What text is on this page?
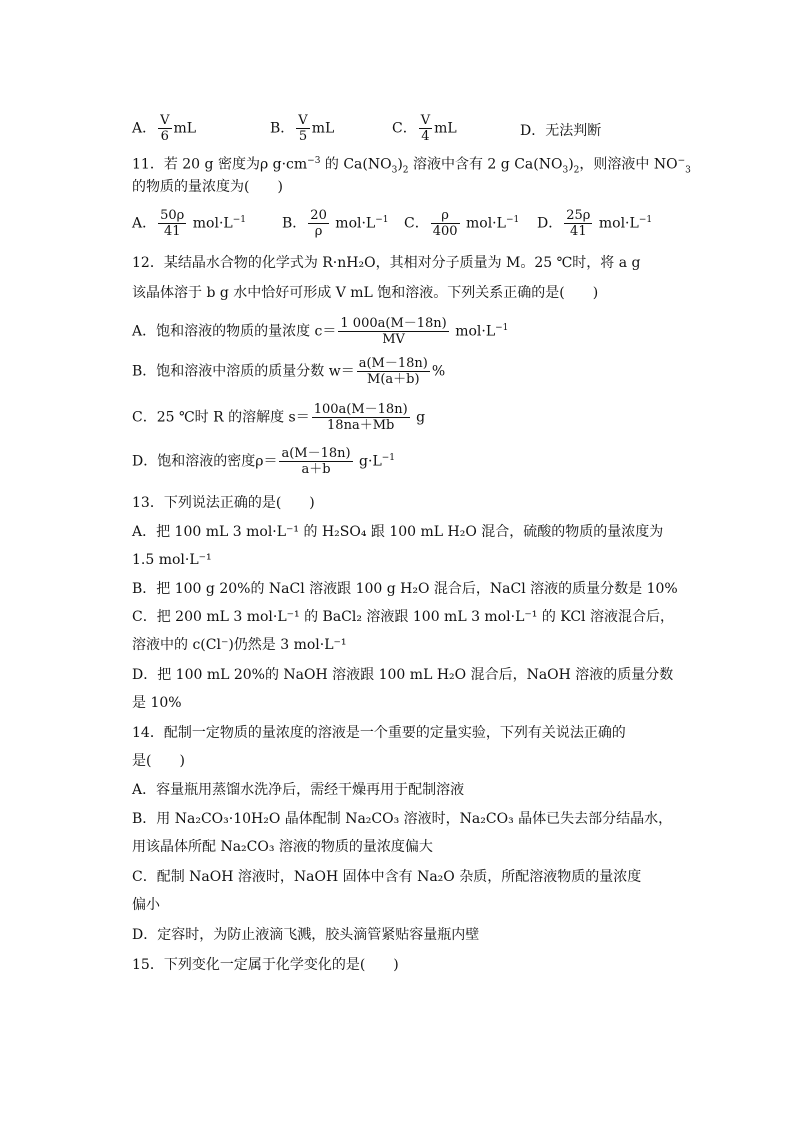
A． $\frac{V}{6}$ mL	B． $\frac{V}{5}$ mL	C． $\frac{V}{4}$ mL	D．无法判断
11．若 20 g 密度为ρ $g\cdot cm^{-3}$ 的 $Ca(NO_3)_2$ 溶液中含有 2 g $Ca(NO_3)_2$，则溶液中 $NO^-_3$
的物质的量浓度为(　　)
A． $\frac{50\rho}{41} mol\cdot L^{-1}$	B． $\frac{20}{\rho} mol\cdot L^{-1}$ C． $\frac{\rho}{400} mol\cdot L^{-1}$ D． $\frac{25\rho}{41} mol\cdot L^{-1}$
12．某结晶水合物的化学式为 R·nH₂O，其相对分子质量为 M。25 ℃时，将 a g
该晶体溶于 b g 水中恰好可形成 V mL 饱和溶液。下列关系正确的是(　　)
A．饱和溶液的物质的量浓度 $c= \frac{1 000a(M-18n)}{MV} mol\cdot L^{-1}$
B．饱和溶液中溶质的质量分数 $w= \frac{a(M-18n)}{M(a+b)}$ %
C．25 ℃时 R 的溶解度 $s= \frac{100a(M-18n)}{18na+Mb}$ g
D．饱和溶液的密度$\rho= \frac{a(M-18n)}{a+b} g\cdot L^{-1}$
13．下列说法正确的是(　　)
A．把 100 mL 3 mol·L⁻¹ 的 H₂SO₄ 跟 100 mL H₂O 混合，硫酸的物质的量浓度为
1.5 mol·L⁻¹
B．把 100 g 20%的 NaCl 溶液跟 100 g H₂O 混合后，NaCl 溶液的质量分数是 10%
C．把 200 mL 3 mol·L⁻¹ 的 BaCl₂ 溶液跟 100 mL 3 mol·L⁻¹ 的 KCl 溶液混合后，
溶液中的 c(Cl⁻)仍然是 3 mol·L⁻¹
D．把 100 mL 20%的 NaOH 溶液跟 100 mL H₂O 混合后，NaOH 溶液的质量分数
是 10%
14．配制一定物质的量浓度的溶液是一个重要的定量实验，下列有关说法正确的
是(　　)
A．容量瓶用蒸馏水洗净后，需经干燥再用于配制溶液
B．用 Na₂CO₃·10H₂O 晶体配制 Na₂CO₃ 溶液时，Na₂CO₃ 晶体已失去部分结晶水，
用该晶体所配 Na₂CO₃ 溶液的物质的量浓度偏大
C．配制 NaOH 溶液时，NaOH 固体中含有 Na₂O 杂质，所配溶液物质的量浓度
偏小
D．定容时，为防止液滴飞溅，胶头滴管紧贴容量瓶内壁
15．下列变化一定属于化学变化的是(　　)
